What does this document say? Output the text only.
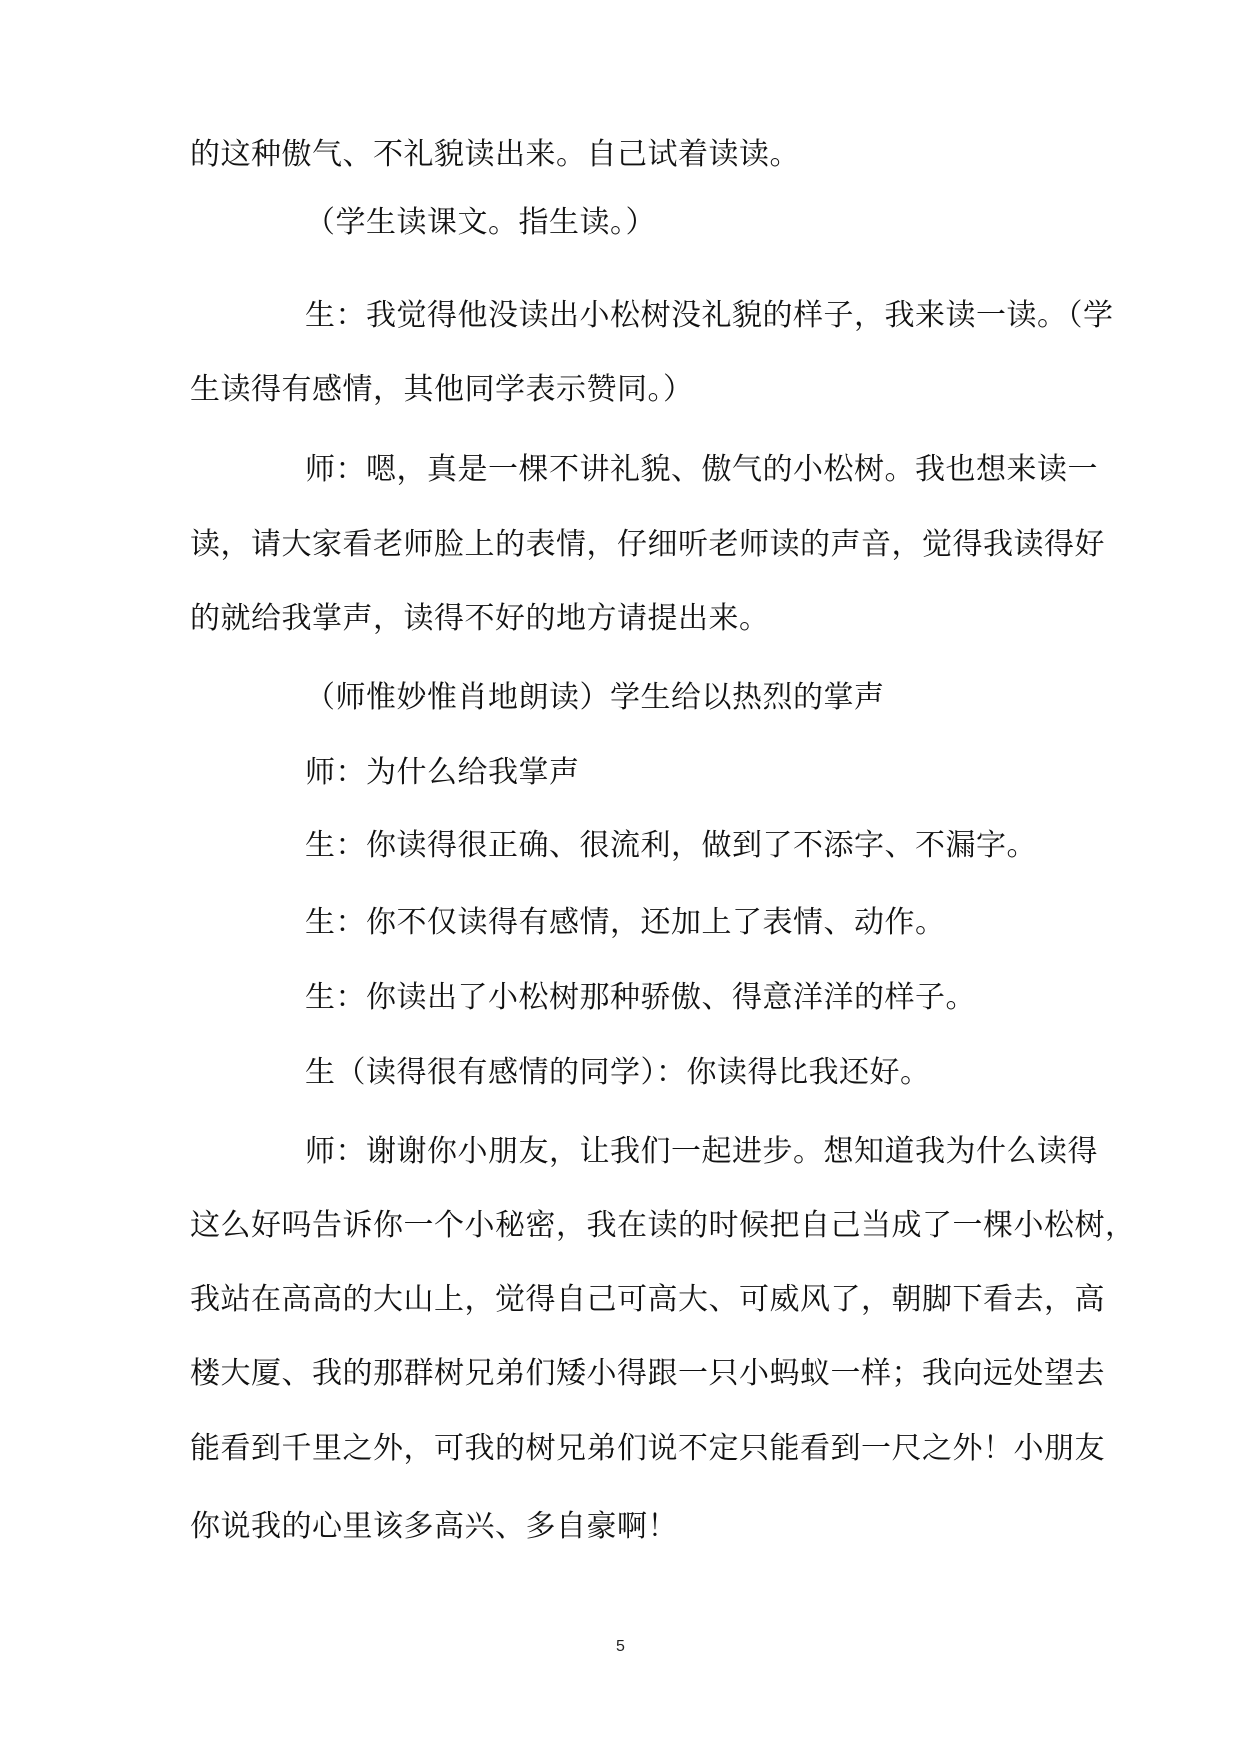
的这种傲气、不礼貌读出来。自己试着读读。
（学生读课文。指生读。）
生：我觉得他没读出小松树没礼貌的样子，我来读一读。（学
生读得有感情，其他同学表示赞同。）
师：嗯，真是一棵不讲礼貌、傲气的小松树。我也想来读一
读，请大家看老师脸上的表情，仔细听老师读的声音，觉得我读得好
的就给我掌声，读得不好的地方请提出来。
（师惟妙惟肖地朗读）学生给以热烈的掌声
师：为什么给我掌声
生：你读得很正确、很流利，做到了不添字、不漏字。
生：你不仅读得有感情，还加上了表情、动作。
生：你读出了小松树那种骄傲、得意洋洋的样子。
生（读得很有感情的同学）：你读得比我还好。
师：谢谢你小朋友，让我们一起进步。想知道我为什么读得
这么好吗告诉你一个小秘密，我在读的时候把自己当成了一棵小松树，
我站在高高的大山上，觉得自己可高大、可威风了，朝脚下看去，高
楼大厦、我的那群树兄弟们矮小得跟一只小蚂蚁一样；我向远处望去
能看到千里之外，可我的树兄弟们说不定只能看到一尺之外！小朋友
你说我的心里该多高兴、多自豪啊！
5
